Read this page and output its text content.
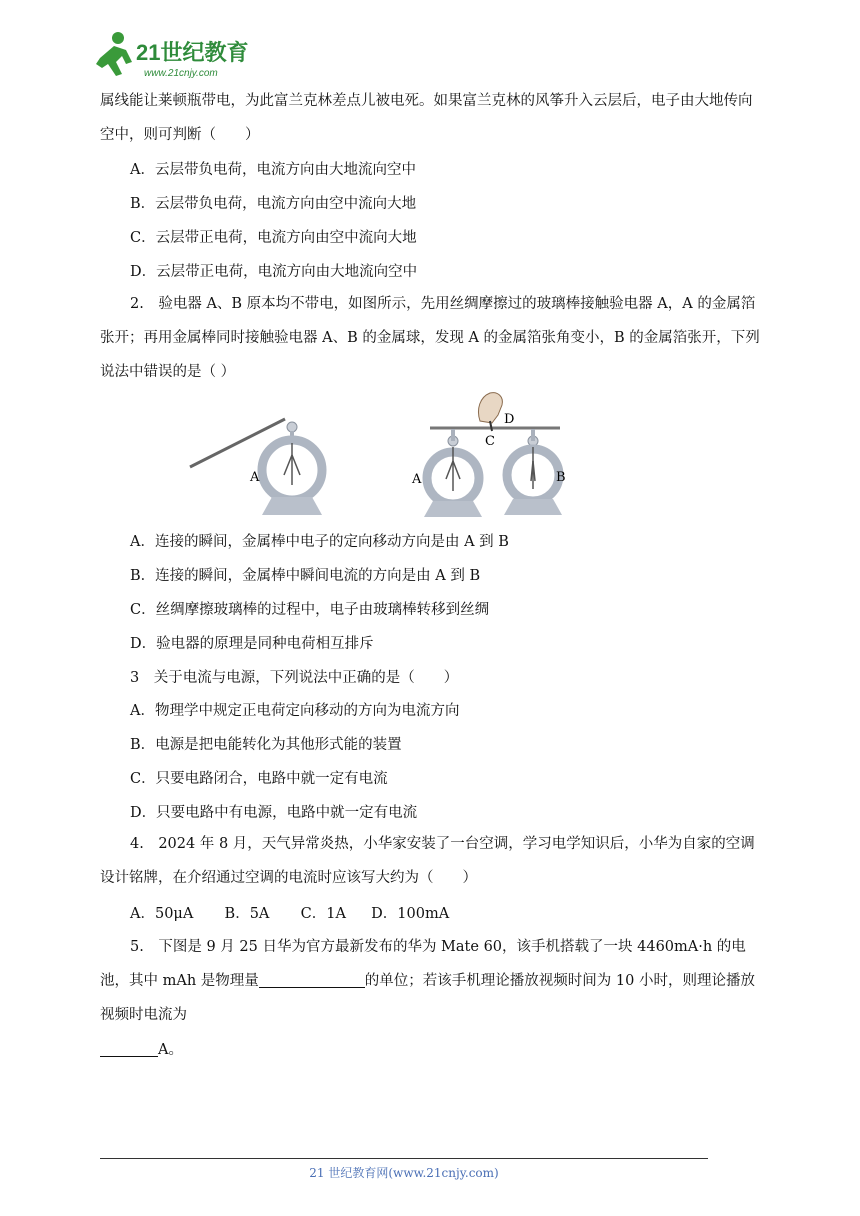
21世纪教育
www.21cnjy.com
属线能让莱顿瓶带电，为此富兰克林差点儿被电死。如果富兰克林的风筝升入云层后，电子由大地传向空中，则可判断（　　）
A．云层带负电荷，电流方向由大地流向空中
B．云层带负电荷，电流方向由空中流向大地
C．云层带正电荷，电流方向由空中流向大地
D．云层带正电荷，电流方向由大地流向空中
2.　验电器 A、B 原本均不带电，如图所示，先用丝绸摩擦过的玻璃棒接触验电器 A，A 的金属箔张开；再用金属棒同时接触验电器 A、B 的金属球，发现 A 的金属箔张角变小，B 的金属箔张开，下列说法中错误的是（ ）
A
D
C
A	B
A．连接的瞬间，金属棒中电子的定向移动方向是由 A 到 B
B．连接的瞬间，金属棒中瞬间电流的方向是由 A 到 B
C．丝绸摩擦玻璃棒的过程中，电子由玻璃棒转移到丝绸
D．验电器的原理是同种电荷相互排斥
3　关于电流与电源，下列说法中正确的是（　　）
A．物理学中规定正电荷定向移动的方向为电流方向
B．电源是把电能转化为其他形式能的装置
C．只要电路闭合，电路中就一定有电流
D．只要电路中有电源，电路中就一定有电流
4.　2024 年 8 月，天气异常炎热，小华家安装了一台空调，学习电学知识后，小华为自家的空调设计铭牌，在介绍通过空调的电流时应该写大约为（　　）
A．50μA B．5A C．1A D．100mA
5.　下图是 9 月 25 日华为官方最新发布的华为 Mate 60，该手机搭载了一块 4460mA·h 的电池，其中 mAh 是物理量	的单位；若该手机理论播放视频时间为 10 小时，则理论播放视频时电流为
A。
21 世纪教育网(www.21cnjy.com)
